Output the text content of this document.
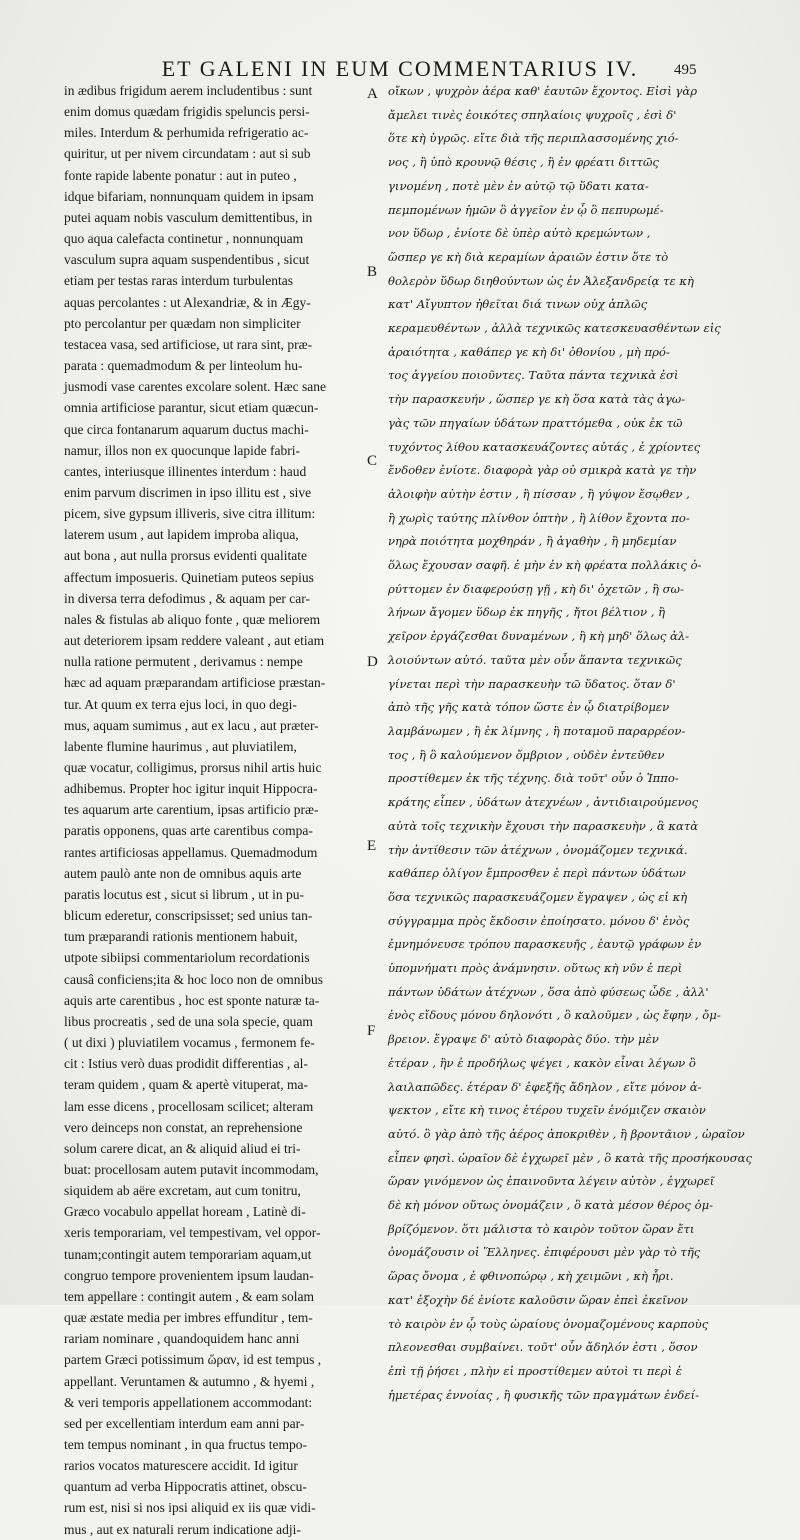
ET GALENI IN EUM COMMENTARIUS IV.	495
in ædibus frigidum aerem includentibus : sunt
enim domus quædam frigidis speluncis persi-
miles. Interdum & perhumida refrigeratio ac-
quiritur, ut per nivem circundatam : aut si sub
fonte rapide labente ponatur : aut in puteo ,
idque bifariam, nonnunquam quidem in ipsam
putei aquam nobis vasculum demittentibus, in
quo aqua calefacta continetur , nonnunquam
vasculum supra aquam suspendentibus , sicut
etiam per testas raras interdum turbulentas
aquas percolantes : ut Alexandriæ, & in Ægy-
pto percolantur per quædam non simpliciter
testacea vasa, sed artificiose, ut rara sint, præ-
parata : quemadmodum & per linteolum hu-
jusmodi vase carentes excolare solent. Hæc sane
omnia artificiose parantur, sicut etiam quæcun-
que circa fontanarum aquarum ductus machi-
namur, illos non ex quocunque lapide fabri-
cantes, interiusque illinentes interdum : haud
enim parvum discrimen in ipso illitu est , sive
picem, sive gypsum illiveris, sive citra illitum:
laterem usum , aut lapidem improba aliqua,
aut bona , aut nulla prorsus evidenti qualitate
affectum imposueris. Quinetiam puteos sepius
in diversa terra defodimus , & aquam per car-
nales & fistulas ab aliquo fonte , quæ meliorem
aut deteriorem ipsam reddere valeant , aut etiam
nulla ratione permutent , derivamus : nempe
hæc ad aquam præparandam artificiose præstan-
tur. At quum ex terra ejus loci, in quo degi-
mus, aquam sumimus , aut ex lacu , aut præter-
labente flumine haurimus , aut pluviatilem,
quæ vocatur, colligimus, prorsus nihil artis huic
adhibemus. Propter hoc igitur inquit Hippocra-
tes aquarum arte carentium, ipsas artificio præ-
paratis opponens, quas arte carentibus compa-
rantes artificiosas appellamus. Quemadmodum
autem paulò ante non de omnibus aquis arte
paratis locutus est , sicut si librum , ut in pu-
blicum ederetur, conscripsisset; sed unius tan-
tum præparandi rationis mentionem habuit,
utpote sibiipsi commentariolum recordationis
causâ conficiens;ita & hoc loco non de omnibus
aquis arte carentibus , hoc est sponte naturæ ta-
libus procreatis , sed de una sola specie, quam
( ut dixi ) pluviatilem vocamus , fermonem fe-
cit : Istius verò duas prodidit differentias , al-
teram quidem , quam & apertè vituperat, ma-
lam esse dicens , procellosam scilicet; alteram
vero deinceps non constat, an reprehensione
solum carere dicat, an & aliquid aliud ei tri-
buat: procellosam autem putavit incommodam,
siquidem ab aëre excretam, aut cum tonitru,
Græco vocabulo appellat hoream , Latinè di-
xeris temporariam, vel tempestivam, vel oppor-
tunam;contingit autem temporariam aquam,ut
congruo tempore provenientem ipsum laudan-
tem appellare : contingit autem , & eam solam
quæ æstate media per imbres effunditur , tem-
rariam nominare , quandoquidem hanc anni
partem Græci potissimum ὥραν, id est tempus ,
appellant. Veruntamen & autumno , & hyemi ,
& veri temporis appellationem accommodant:
sed per excellentiam interdum eam anni par-
tem tempus nominant , in qua fructus tempo-
rarios vocatos maturescere accidit. Id igitur
quantum ad verba Hippocratis attinet, obscu-
rum est, nisi si nos ipsi aliquid ex iis quæ vidi-
mus , aut ex naturali rerum indicatione adji-
οἴκων , ψυχρὸν ἀέρα καθ' ἑαυτῶν ἔχοντος. Εἰσὶ γὰρ
ἄμελει τινὲς ἐοικότες σπηλαίοις ψυχροῖς , ἐσὶ δ'
ὅτε κὴ ὑγρῶς. εἴτε διὰ τῆς περιπλασσομένης χιό-
νος , ἢ ὑπὸ κρουνῷ θέσις , ἢ ἐν φρέατι διττῶς
γινομένη , ποτὲ μὲν ἐν αὐτῷ τῷ ὕδατι κατα-
πεμπομένων ἡμῶν ὃ ἀγγεῖον ἐν ᾧ ὃ πεπυρωμέ-
νον ὕδωρ , ἐνίοτε δὲ ὑπὲρ αὐτὸ κρεμώντων ,
ὥσπερ γε κὴ διὰ κεραμίων ἀραιῶν ἐστιν ὅτε τὸ
θολερὸν ὕδωρ διηθούντων ὡς ἐν Ἀλεξανδρείᾳ τε κὴ
κατ' Αἴγυπτον ἠθεῖται διά τινων οὐχ ἁπλῶς
κεραμευθέντων , ἀλλὰ τεχνικῶς κατεσκευασθέντων εἰς
ἀραιότητα , καθάπερ γε κὴ δι' ὀθονίου , μὴ πρό-
τος ἀγγείου ποιοῦντες. Ταῦτα πάντα τεχνικὰ ἐσὶ
τὴν παρασκευήν , ὥσπερ γε κὴ ὅσα κατὰ τὰς ἀγω-
γὰς τῶν πηγαίων ὑδάτων πραττόμεθα , οὐκ ἐκ τῶ
τυχόντος λίθου κατασκευάζοντες αὐτάς , ἐ χρίοντες
ἔνδοθεν ἐνίοτε. διαφορὰ γὰρ οὐ σμικρὰ κατὰ γε τὴν
ἀλοιφὴν αὐτὴν ἐστιν , ἢ πίσσαν , ἢ γύψον ἔσῳθεν ,
ἢ χωρὶς ταύτης πλίνθον ὀπτὴν , ἢ λίθον ἔχοντα πο-
νηρὰ ποιότητα μοχθηράν , ἢ ἀγαθὴν , ἢ μηδεμίαν
ὅλως ἔχουσαν σαφῆ. ἐ μὴν ἐν κὴ φρέατα πολλάκις ὀ-
ρύττομεν ἐν διαφερούσῃ γῇ , κὴ δι' ὀχετῶν , ἢ σω-
λήνων ἄγομεν ὕδωρ ἐκ πηγῆς , ἤτοι βέλτιον , ἢ
χεῖρον ἐργάζεσθαι δυναμένων , ἢ κὴ μηδ' ὅλως ἀλ-
λοιούντων αὐτό. ταῦτα μὲν οὖν ἅπαντα τεχνικῶς
γίνεται περὶ τὴν παρασκευὴν τῶ ὕδατος. ὅταν δ'
ἀπὸ τῆς γῆς κατὰ τόπον ὥστε ἐν ᾧ διατρίβομεν
λαμβάνωμεν , ἢ ἐκ λίμνης , ἢ ποταμοῦ παραρρέον-
τος , ἢ ὃ καλούμενον ὄμβριον , οὐδὲν ἐντεῦθεν
προστίθεμεν ἐκ τῆς τέχνης. διὰ τοῦτ' οὖν ὁ Ἱππο-
κράτης εἶπεν , ὑδάτων ἀτεχνέων , ἀντιδιαιρούμενος
αὐτὰ τοῖς τεχνικὴν ἔχουσι τὴν παρασκευὴν , ἃ κατὰ
τὴν ἀντίθεσιν τῶν ἀτέχνων , ὀνομάζομεν τεχνικά.
καθάπερ ὀλίγον ἔμπροσθεν ἐ περὶ πάντων ὑδάτων
ὅσα τεχνικῶς παρασκευάζομεν ἔγραψεν , ὡς εἰ κὴ
σύγγραμμα πρὸς ἔκδοσιν ἐποίησατο. μόνου δ' ἑνὸς
ἐμνημόνευσε τρόπου παρασκευῆς , ἑαυτῷ γράφων ἐν
ὑπομνήματι πρὸς ἀνάμνησιν. οὕτως κὴ νῦν ἐ περὶ
πάντων ὑδάτων ἀτέχνων , ὅσα ἀπὸ φύσεως ὧδε , ἀλλ'
ἑνὸς εἴδους μόνου δηλονότι , ὃ καλοῦμεν , ὡς ἔφην , ὄμ-
βρειον. ἔγραψε δ' αὐτὸ διαφορὰς δύο. τὴν μὲν
ἑτέραν , ἣν ἐ προδήλως ψέγει , κακὸν εἶναι λέγων ὃ
λαιλαπῶδες. ἑτέραν δ' ἐφεξῆς ἄδηλον , εἴτε μόνον ἀ-
ψεκτον , εἴτε κὴ τινος ἑτέρου τυχεῖν ἐνόμιζεν σκαιὸν
αὐτό. ὃ γὰρ ἀπὸ τῆς ἀέρος ἀποκριθὲν , ἢ βροντᾶιον , ὡραῖον
εἶπεν φησὶ. ὡραῖον δὲ ἐγχωρεῖ μὲν , ὃ κατὰ τῆς προσήκουσας
ὥραν γινόμενον ὡς ἐπαινοῦντα λέγειν αὐτὸν , ἐγχωρεῖ
δὲ κὴ μόνον οὕτως ὀνομάζειν , ὃ κατὰ μέσον θέρος ὀμ-
βρίζόμενον. ὅτι μάλιστα τὸ καιρὸν τοῦτον ὥραν ἔτι
ὀνομάζουσιν οἱ Ἕλληνες. ἐπιφέρουσι μὲν γὰρ τὸ τῆς
ὥρας ὄνομα , ἐ φθινοπώρῳ , κὴ χειμῶνι , κὴ ἦρι.
κατ' ἐξοχὴν δέ ἐνίοτε καλοῦσιν ὥραν ἐπεὶ ἐκεῖνον
τὸ καιρὸν ἐν ᾧ τοὺς ὡραίους ὀνομαζομένους καρποὺς
πλεονεσθαι συμβαίνει. τοῦτ' οὖν ἄδηλόν ἐστι , ὅσον
ἐπὶ τῇ ῥήσει , πλὴν εἰ προστίθεμεν αὐτοὶ τι περὶ ἑ
ἡμετέρας ἐννοίας , ἢ φυσικῆς τῶν πραγμάτων ἐνδεί-
A
B
C
D
E
F
